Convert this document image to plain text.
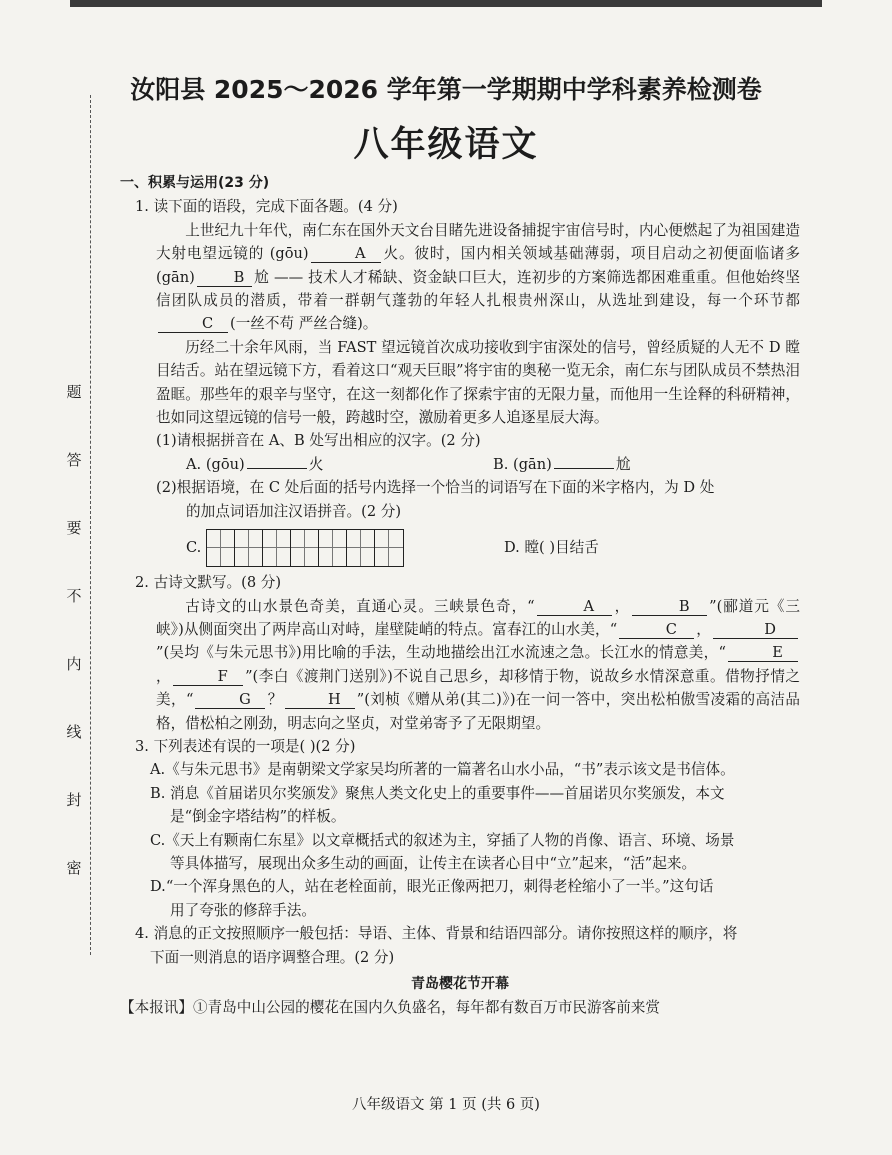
题
答
要
不
内
线
封
密
汝阳县 2025～2026 学年第一学期期中学科素养检测卷
八年级语文

一、积累与运用(23 分)

1. 读下面的语段，完成下面各题。(4 分)

上世纪九十年代，南仁东在国外天文台目睹先进设备捕捉宇宙信号时，内心便燃起了为祖国建造大射电望远镜的 (gōu)	A 火。彼时，国内相关领域基础薄弱，项目启动之初便面临诸多 (gān)	B 尬 —— 技术人才稀缺、资金缺口巨大，连初步的方案筛选都困难重重。但他始终坚信团队成员的潜质，带着一群朝气蓬勃的年轻人扎根贵州深山，从选址到建设，每一个环节都C (一丝不苟 严丝合缝)。

历经二十余年风雨，当 FAST 望远镜首次成功接收到宇宙深处的信号，曾经质疑的人无不 D 瞠目结舌。站在望远镜下方，看着这口“观天巨眼”将宇宙的奥秘一览无余，南仁东与团队成员不禁热泪盈眶。那些年的艰辛与坚守，在这一刻都化作了探索宇宙的无限力量，而他用一生诠释的科研精神，也如同这望远镜的信号一般，跨越时空，激励着更多人追逐星辰大海。

(1)请根据拼音在 A、B 处写出相应的汉字。(2 分)

A. (gōu)	火	B. (gān)	尬

(2)根据语境，在 C 处后面的括号内选择一个恰当的词语写在下面的米字格内，为 D 处

的加点词语加注汉语拼音。(2 分)

C.	D. 瞠( )目结舌

2. 古诗文默写。(8 分)

古诗文的山水景色奇美，直通心灵。三峡景色奇，“	A ，	B ”(郦道元《三峡》)从侧面突出了两岸高山对峙，崖壁陡峭的特点。富春江的山水美，“	C ，	D”(吴均《与朱元思书》)用比喻的手法，生动地描绘出江水流速之急。长江水的情意美，“	E，	F ”(李白《渡荆门送别》)不说自己思乡，却移情于物，说故乡水情深意重。借物抒情之美，“	G ？	H ”(刘桢《赠从弟(其二)》)在一问一答中，突出松柏傲雪凌霜的高洁品格，借松柏之刚劲，明志向之坚贞，对堂弟寄予了无限期望。

3. 下列表述有误的一项是( )(2 分)

A.《与朱元思书》是南朝梁文学家吴均所著的一篇著名山水小品，“书”表示该文是书信体。

B. 消息《首届诺贝尔奖颁发》聚焦人类文化史上的重要事件——首届诺贝尔奖颁发，本文

是“倒金字塔结构”的样板。

C.《天上有颗南仁东星》以文章概括式的叙述为主，穿插了人物的肖像、语言、环境、场景

等具体描写，展现出众多生动的画面，让传主在读者心目中“立”起来，“活”起来。

D.“一个浑身黑色的人，站在老栓面前，眼光正像两把刀，刺得老栓缩小了一半。”这句话

用了夸张的修辞手法。

4. 消息的正文按照顺序一般包括：导语、主体、背景和结语四部分。请你按照这样的顺序，将

下面一则消息的语序调整合理。(2 分)

青岛樱花节开幕

【本报讯】①青岛中山公园的樱花在国内久负盛名，每年都有数百万市民游客前来赏

八年级语文 第 1 页 (共 6 页)
